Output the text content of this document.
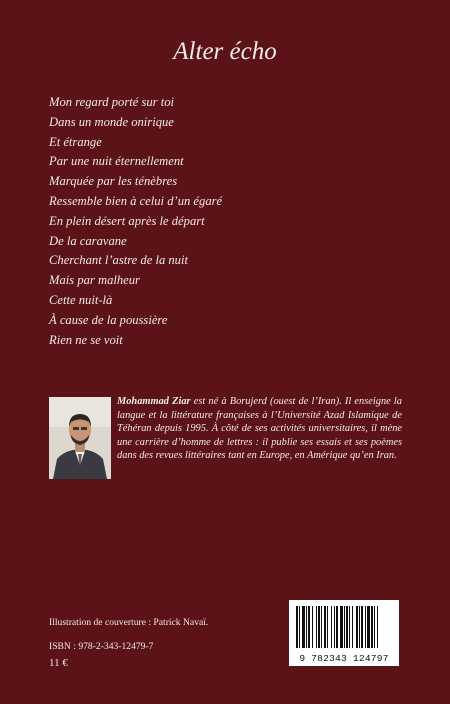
Alter écho
Mon regard porté sur toi
Dans un monde onirique
Et étrange
Par une nuit éternellement
Marquée par les ténèbres
Ressemble bien à celui d’un égaré
En plein désert après le départ
De la caravane
Cherchant l’astre de la nuit
Mais par malheur
Cette nuit-là
À cause de la poussière
Rien ne se voit
Mohammad Ziar est né à Borujerd (ouest de l’Iran). Il enseigne la langue et la littérature françaises à l’Université Azad Islamique de Téhéran depuis 1995. À côté de ses activités universitaires, il mène une carrière d’homme de lettres : il publie ses essais et ses poèmes dans des revues littéraires tant en Europe, en Amérique qu’en Iran.
Illustration de couverture : Patrick Navaï.
ISBN : 978-2-343-12479-7
11 €	9 782343 124797
